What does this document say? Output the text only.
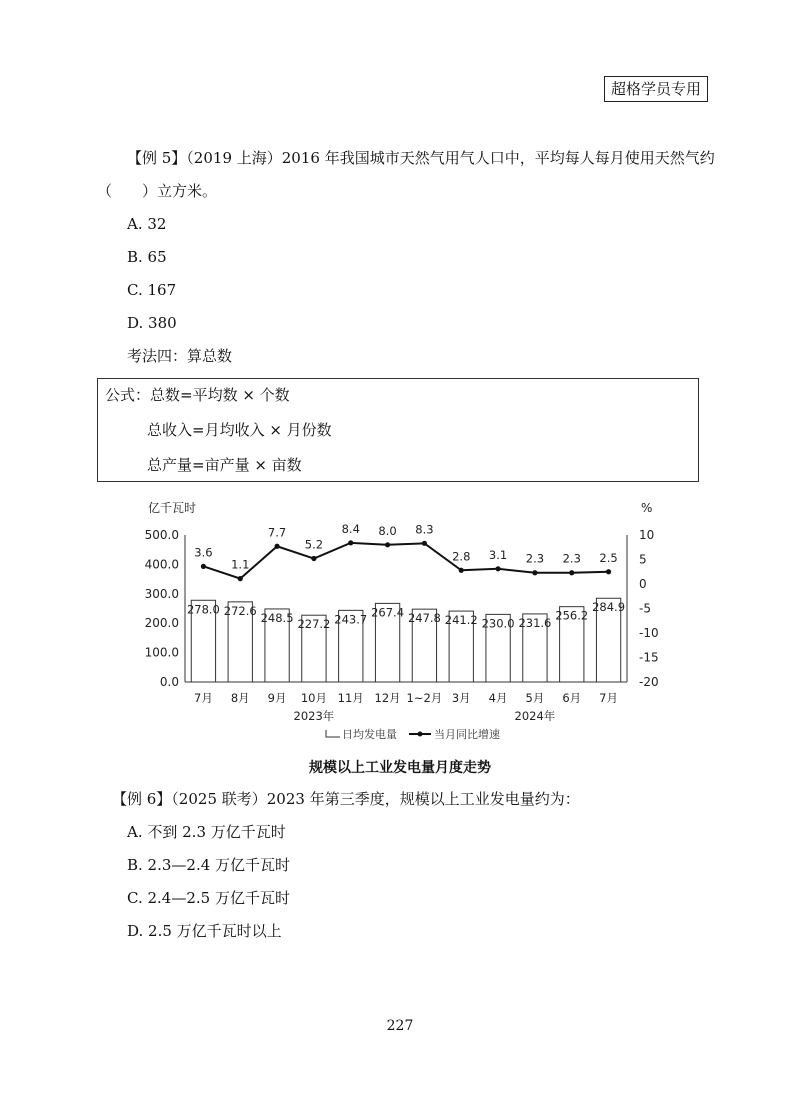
超格学员专用
【例 5】（2019 上海）2016 年我国城市天然气用气人口中，平均每人每月使用天然气约
（　　）立方米。
A. 32
B. 65
C. 167
D. 380
考法四：算总数
公式：总数=平均数 × 个数
总收入=月均收入 × 月份数
总产量=亩产量 × 亩数
亿千瓦时	%
0.0
100.0
200.0
300.0
400.0
500.0	10
5
0
-5
-10
-15
-20
278.0 272.6
248.5 227.2 243.7 267.4 247.8 241.2 230.0 231.6
256.2
284.9
3.6
1.1
7.7
5.2
8.4 8.0 8.3
2.8 3.1 2.3 2.3 2.5
7月 8月 9月 10月 11月 12月 1~2月 3月 4月 5月 6月 7月
2023年	2024年
日均发电量	当月同比增速
规模以上工业发电量月度走势
【例 6】（2025 联考）2023 年第三季度，规模以上工业发电量约为：
A. 不到 2.3 万亿千瓦时
B. 2.3—2.4 万亿千瓦时
C. 2.4—2.5 万亿千瓦时
D. 2.5 万亿千瓦时以上
227
